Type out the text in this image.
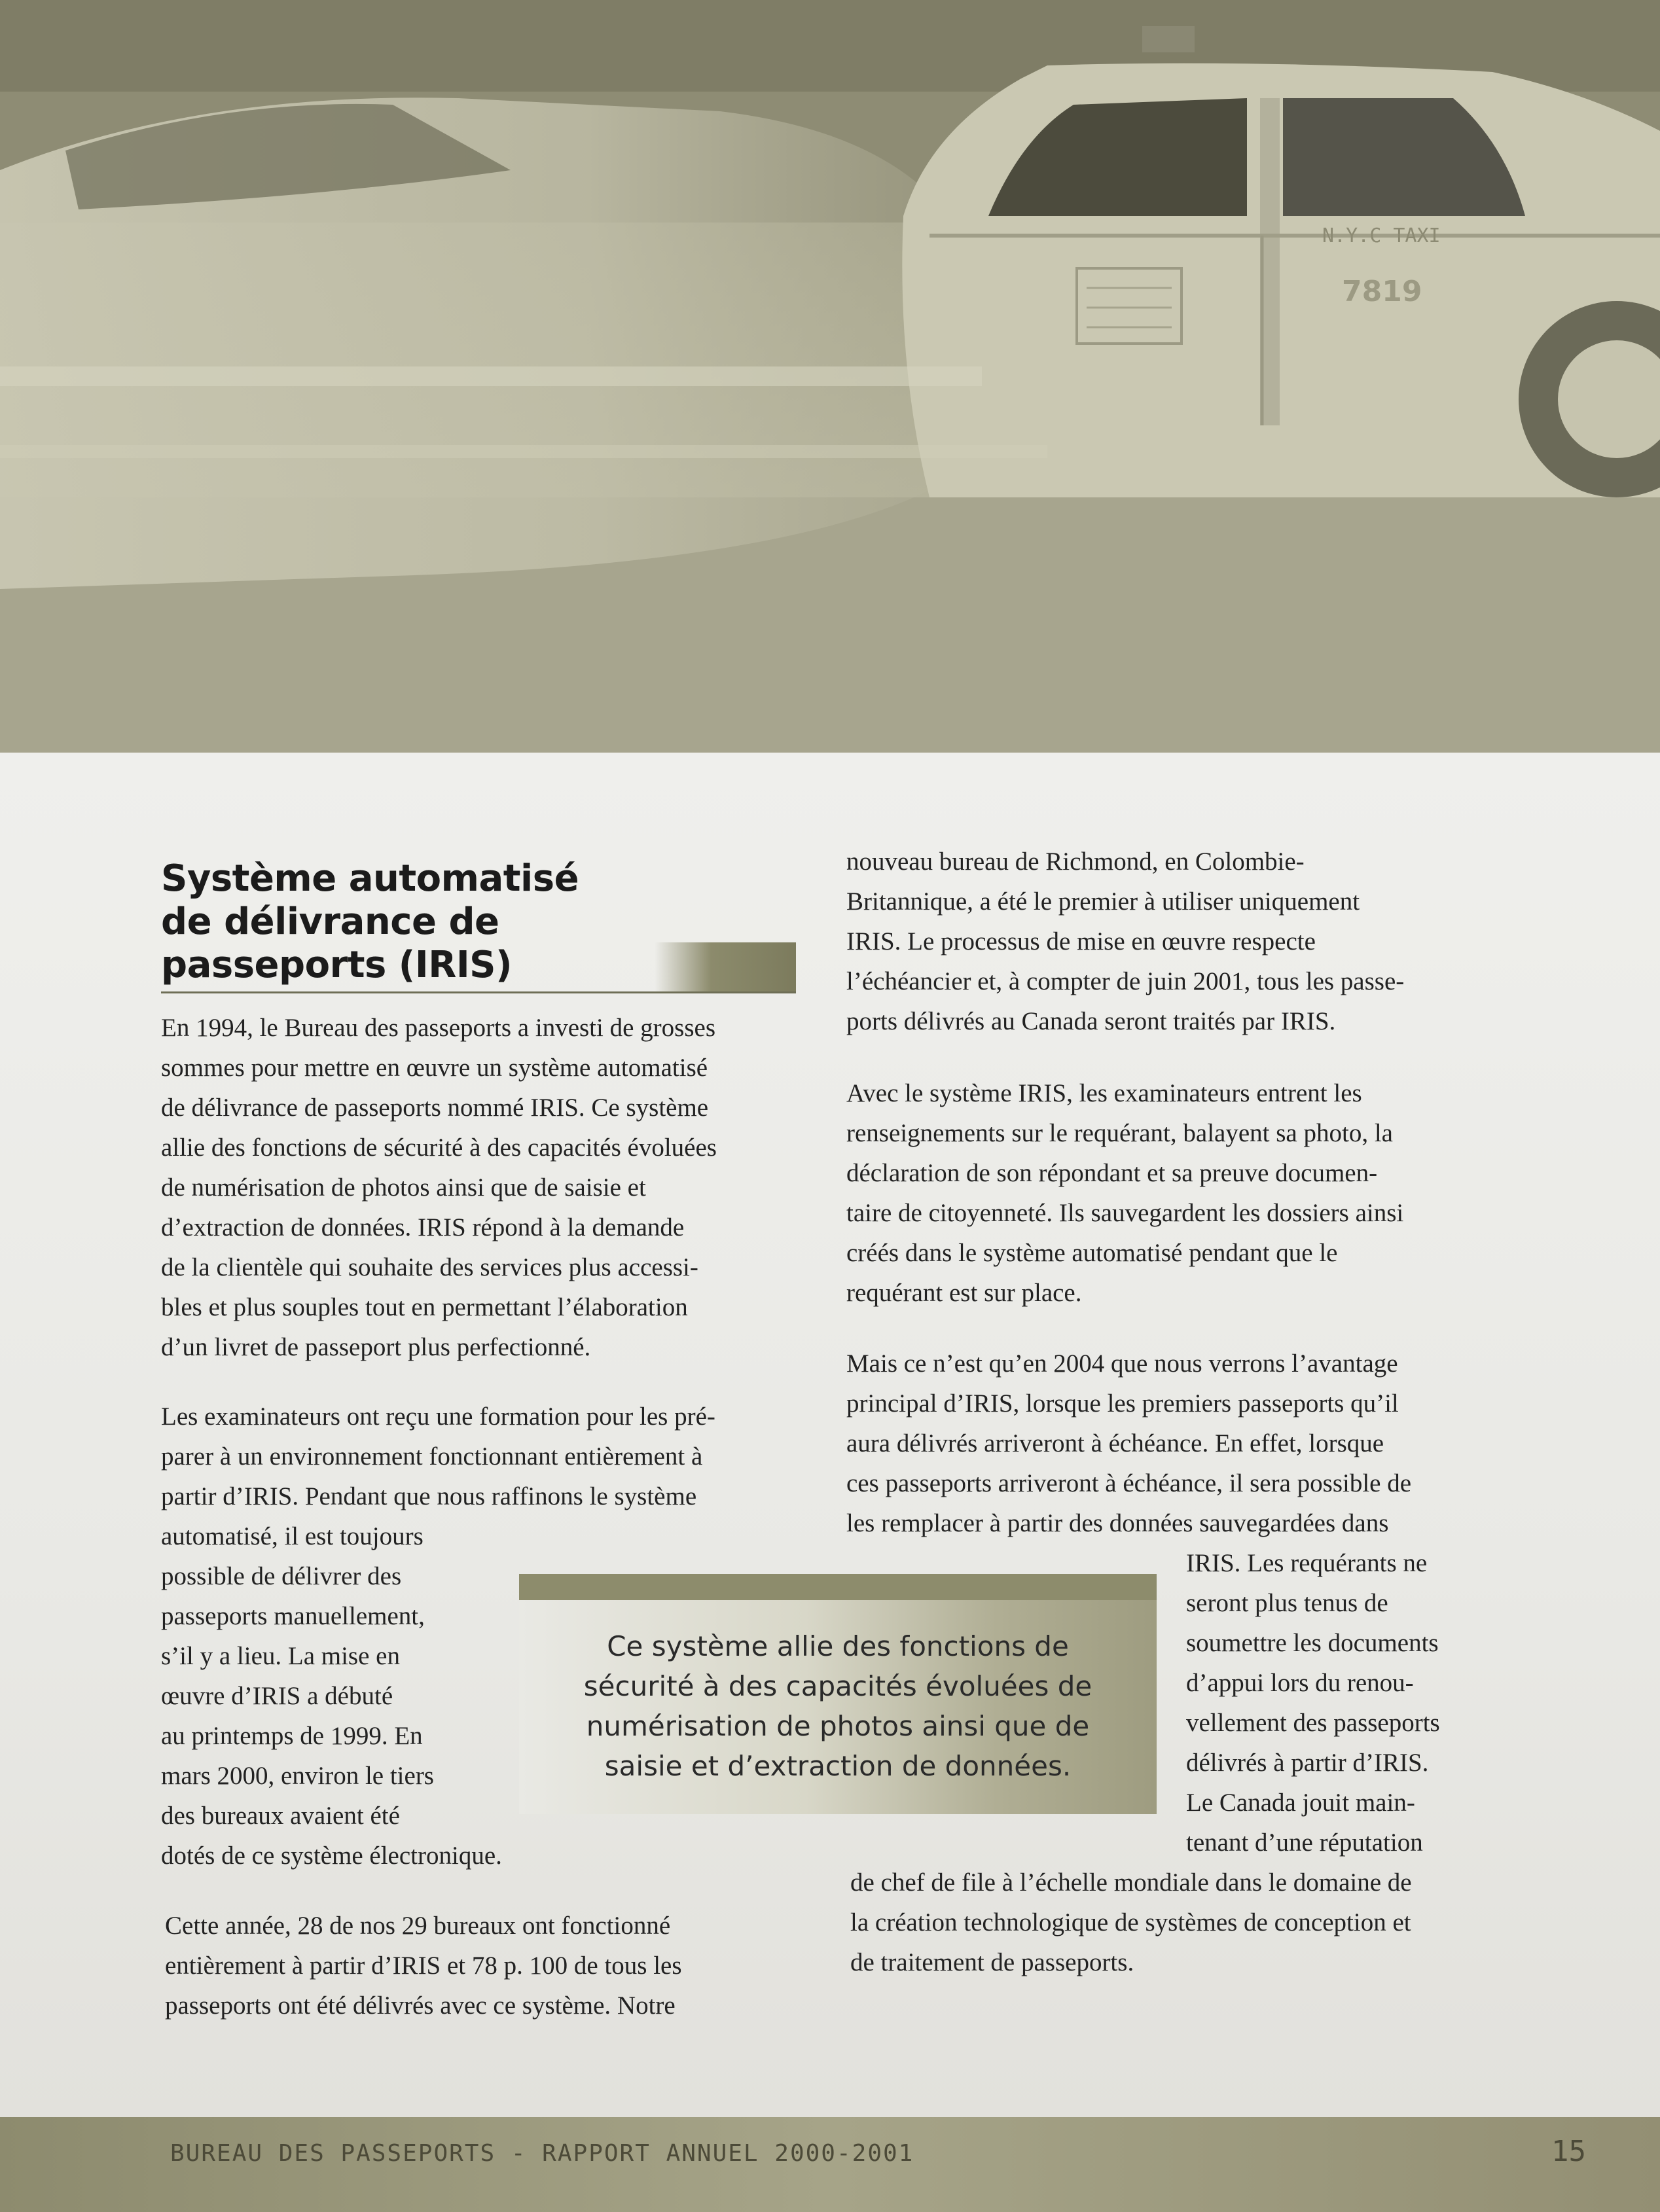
N.Y.C TAXI
7819
Système automatisé
de délivrance de
passeports (IRIS)
En 1994, le Bureau des passeports a investi de grosses
sommes pour mettre en œuvre un système automatisé
de délivrance de passeports nommé IRIS. Ce système
allie des fonctions de sécurité à des capacités évoluées
de numérisation de photos ainsi que de saisie et
d’extraction de données. IRIS répond à la demande
de la clientèle qui souhaite des services plus accessi-
bles et plus souples tout en permettant l’élaboration
d’un livret de passeport plus perfectionné.
Les examinateurs ont reçu une formation pour les pré-
parer à un environnement fonctionnant entièrement à
partir d’IRIS. Pendant que nous raffinons le système
automatisé, il est toujours
possible de délivrer des
passeports manuellement,
s’il y a lieu. La mise en
œuvre d’IRIS a débuté
au printemps de 1999. En
mars 2000, environ le tiers
des bureaux avaient été
dotés de ce système électronique.
Cette année, 28 de nos 29 bureaux ont fonctionné
entièrement à partir d’IRIS et 78 p. 100 de tous les
passeports ont été délivrés avec ce système. Notre
nouveau bureau de Richmond, en Colombie-
Britannique, a été le premier à utiliser uniquement
IRIS. Le processus de mise en œuvre respecte
l’échéancier et, à compter de juin 2001, tous les passe-
ports délivrés au Canada seront traités par IRIS.
Avec le système IRIS, les examinateurs entrent les
renseignements sur le requérant, balayent sa photo, la
déclaration de son répondant et sa preuve documen-
taire de citoyenneté. Ils sauvegardent les dossiers ainsi
créés dans le système automatisé pendant que le
requérant est sur place.
Mais ce n’est qu’en 2004 que nous verrons l’avantage
principal d’IRIS, lorsque les premiers passeports qu’il
aura délivrés arriveront à échéance. En effet, lorsque
ces passeports arriveront à échéance, il sera possible de
les remplacer à partir des données sauvegardées dans
IRIS. Les requérants ne
seront plus tenus de
soumettre les documents
d’appui lors du renou-
vellement des passeports
délivrés à partir d’IRIS.
Le Canada jouit main-
tenant d’une réputation
de chef de file à l’échelle mondiale dans le domaine de
la création technologique de systèmes de conception et
de traitement de passeports.
Ce système allie des fonctions de
sécurité à des capacités évoluées de
numérisation de photos ainsi que de
saisie et d’extraction de données.
BUREAU DES PASSEPORTS - RAPPORT ANNUEL 2000-2001	15
